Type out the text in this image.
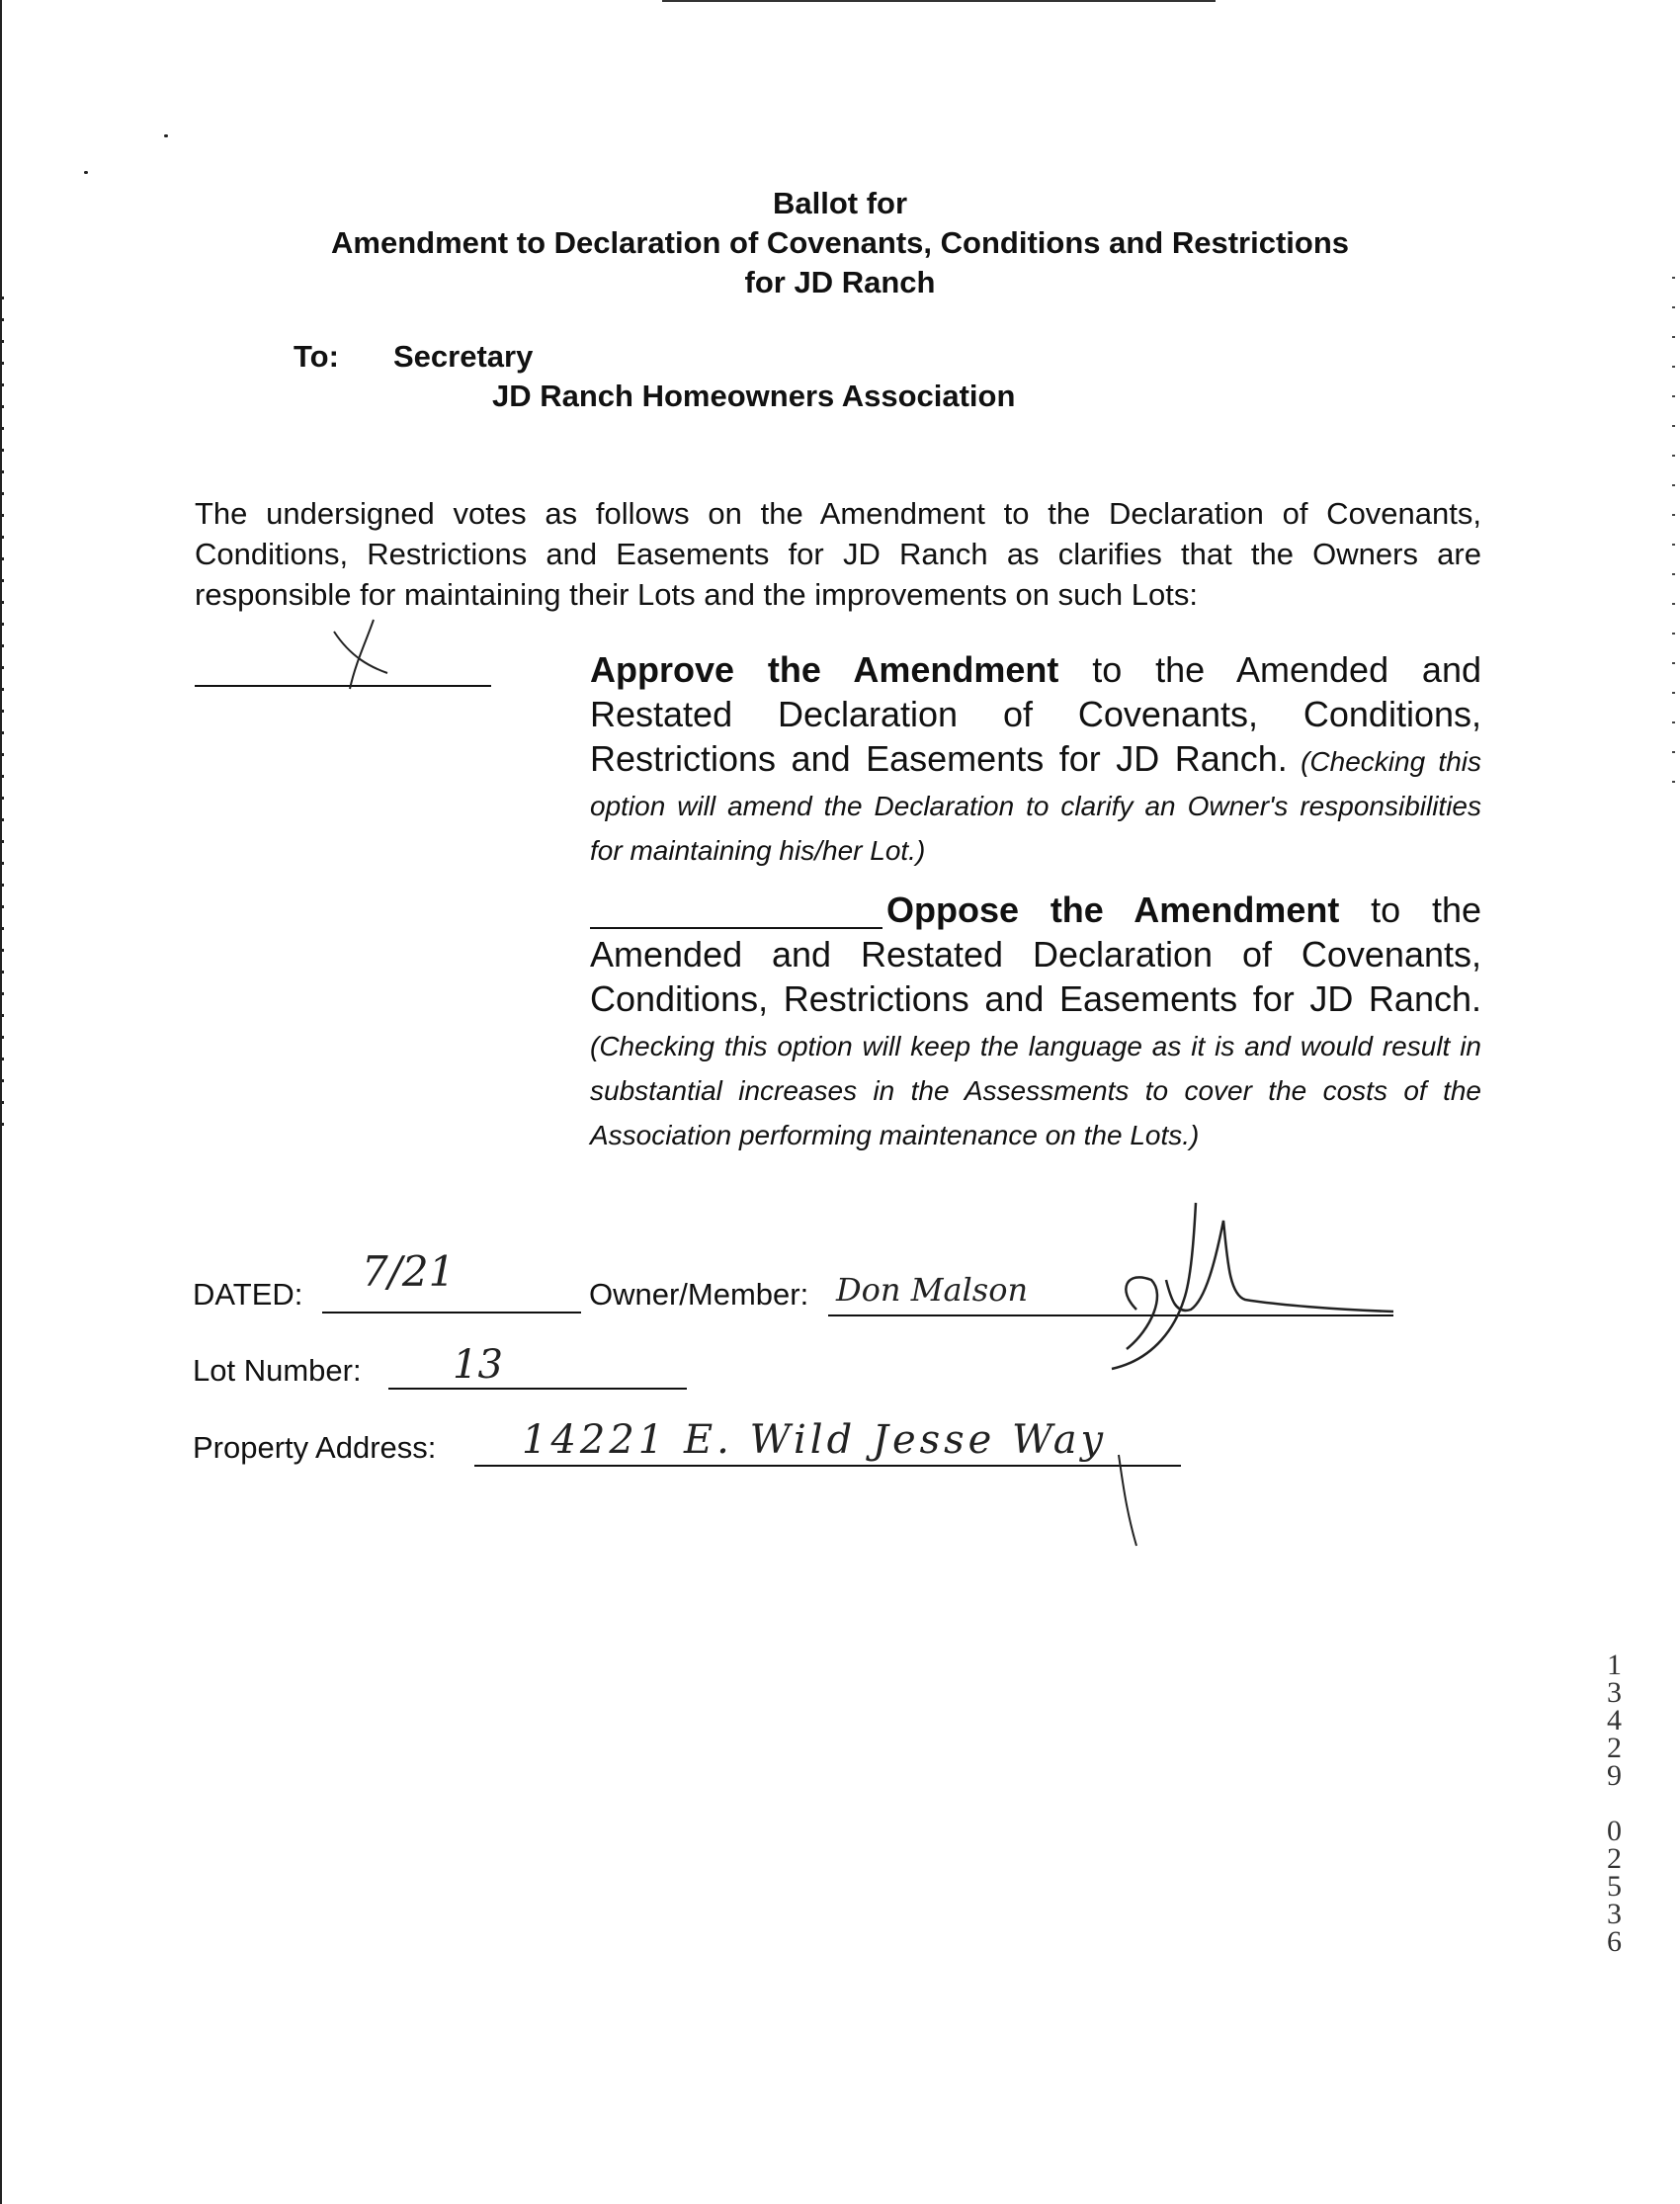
Ballot for
Amendment to Declaration of Covenants, Conditions and Restrictions
for JD Ranch
To: Secretary
JD Ranch Homeowners Association
The undersigned votes as follows on the Amendment to the Declaration of Covenants, Conditions, Restrictions and Easements for JD Ranch as clarifies that the Owners are responsible for maintaining their Lots and the improvements on such Lots:
Approve the Amendment to the Amended and Restated Declaration of Covenants, Conditions, Restrictions and Easements for JD Ranch. (Checking this option will amend the Declaration to clarify an Owner's responsibilities for maintaining his/her Lot.)
Oppose the Amendment to the Amended and Restated Declaration of Covenants, Conditions, Restrictions and Easements for JD Ranch. (Checking this option will keep the language as it is and would result in substantial increases in the Assessments to cover the costs of the Association performing maintenance on the Lots.)
DATED: 7/21	Owner/Member: Don Malson
Lot Number: 13
Property Address: 14221 E. Wild Jesse Way

1
3
4
2
9

0
2
5
3
6
